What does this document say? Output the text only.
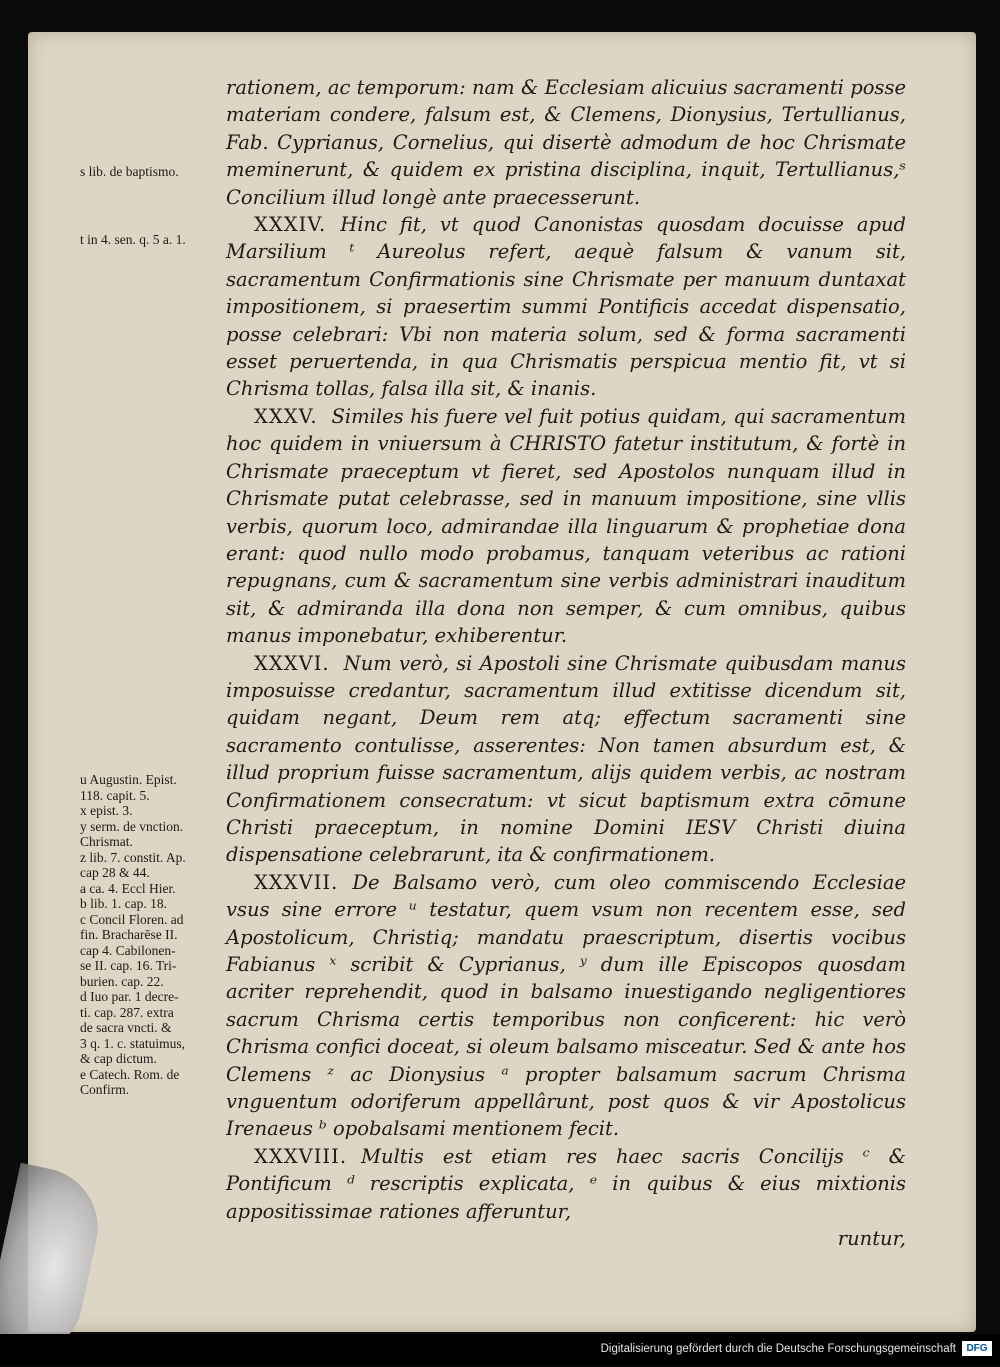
rationem, ac temporum: nam & Ecclesiam alicuius sacramenti posse materiam condere, falsum est, & Clemens, Dionysius, Tertullianus, Fab. Cyprianus, Cornelius, qui disertè admodum de hoc Chrismate meminerunt, & quidem ex pristina disciplina, inquit, Tertullianus,ˢ Concilium illud longè ante praecesserunt.

XXXIV. Hinc fit, vt quod Canonistas quosdam docuisse apud Marsilium ᵗ Aureolus refert, aequè falsum & vanum sit, sacramentum Confirmationis sine Chrismate per manuum duntaxat impositionem, si praesertim summi Pontificis accedat dispensatio, posse celebrari: Vbi non materia solum, sed & forma sacramenti esset peruertenda, in qua Chrismatis perspicua mentio fit, vt si Chrisma tollas, falsa illa sit, & inanis.

XXXV. Similes his fuere vel fuit potius quidam, qui sacramentum hoc quidem in vniuersum à CHRISTO fatetur institutum, & fortè in Chrismate praeceptum vt fieret, sed Apostolos nunquam illud in Chrismate putat celebrasse, sed in manuum impositione, sine vllis verbis, quorum loco, admirandae illa linguarum & prophetiae dona erant: quod nullo modo probamus, tanquam veteribus ac rationi repugnans, cum & sacramentum sine verbis administrari inauditum sit, & admiranda illa dona non semper, & cum omnibus, quibus manus imponebatur, exhiberentur.

XXXVI. Num verò, si Apostoli sine Chrismate quibusdam manus imposuisse credantur, sacramentum illud extitisse dicendum sit, quidam negant, Deum rem atq; effectum sacramenti sine sacramento contulisse, asserentes: Non tamen absurdum est, & illud proprium fuisse sacramentum, alijs quidem verbis, ac nostram Confirmationem consecratum: vt sicut baptismum extra cōmune Christi praeceptum, in nomine Domini IESV Christi diuina dispensatione celebrarunt, ita & confirmationem.

XXXVII. De Balsamo verò, cum oleo commiscendo Ecclesiae vsus sine errore ᵘ testatur, quem vsum non recentem esse, sed Apostolicum, Christiq; mandatu praescriptum, disertis vocibus Fabianus ˣ scribit & Cyprianus, ʸ dum ille Episcopos quosdam acriter reprehendit, quod in balsamo inuestigando negligentiores sacrum Chrisma certis temporibus non conficerent: hic verò Chrisma confici doceat, si oleum balsamo misceatur. Sed & ante hos Clemens ᶻ ac Dionysius ᵃ propter balsamum sacrum Chrisma vnguentum odoriferum appellârunt, post quos & vir Apostolicus Irenaeus ᵇ opobalsami mentionem fecit.

XXXVIII. Multis est etiam res haec sacris Concilijs ᶜ & Pontificum ᵈ rescriptis explicata, ᵉ in quibus & eius mixtionis appositissimae rationes afferuntur,

runtur,
s lib. de baptismo.
t in 4. sen. q. 5 a. 1.
u Augustin. Epist.
118. capit. 5.
x epist. 3.
y serm. de vnction.
Chrismat.
z lib. 7. constit. Ap.
cap 28 & 44.
a ca. 4. Eccl Hier.
b lib. 1. cap. 18.
c Concil Floren. ad
fin. Bracharēse II.
cap 4. Cabilonen-
se II. cap. 16. Tri-
burien. cap. 22.
d Iuo par. 1 decre-
ti. cap. 287. extra
de sacra vncti. &
3 q. 1. c. statuimus,
& cap dictum.
e Catech. Rom. de
Confirm.
Digitalisierung gefördert durch die Deutsche Forschungsgemeinschaft	DFG
